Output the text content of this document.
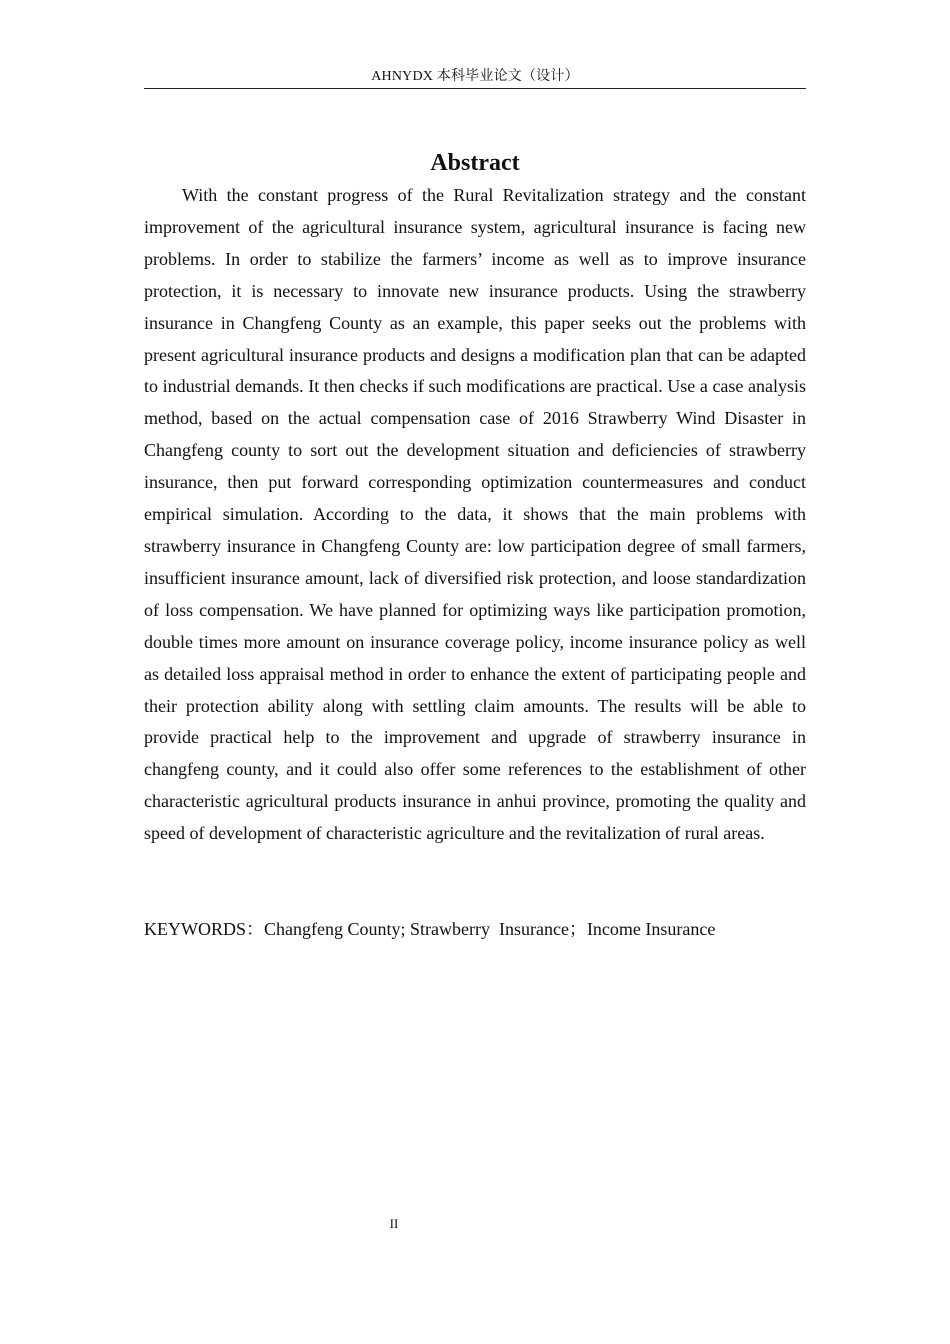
AHNYDX 本科毕业论文（设计）
Abstract

With the constant progress of the Rural Revitalization strategy and the constant improvement of the agricultural insurance system, agricultural insurance is facing new problems. In order to stabilize the farmers’ income as well as to improve insurance protection, it is necessary to innovate new insurance products. Using the strawberry insurance in Changfeng County as an example, this paper seeks out the problems with present agricultural insurance products and designs a modification plan that can be adapted to industrial demands. It then checks if such modifications are practical. Use a case analysis method, based on the actual compensation case of 2016 Strawberry Wind Disaster in Changfeng county to sort out the development situation and deficiencies of strawberry insurance, then put forward corresponding optimization countermeasures and conduct empirical simulation. According to the data, it shows that the main problems with strawberry insurance in Changfeng County are: low participation degree of small farmers, insufficient insurance amount, lack of diversified risk protection, and loose standardization of loss compensation. We have planned for optimizing ways like participation promotion, double times more amount on insurance coverage policy, income insurance policy as well as detailed loss appraisal method in order to enhance the extent of participating people and their protection ability along with settling claim amounts. The results will be able to provide practical help to the improvement and upgrade of strawberry insurance in changfeng county, and it could also offer some references to the establishment of other characteristic agricultural products insurance in anhui province, promoting the quality and speed of development of characteristic agriculture and the revitalization of rural areas.

KEYWORDS：Changfeng County; Strawberry  Insurance；Income Insurance

II
